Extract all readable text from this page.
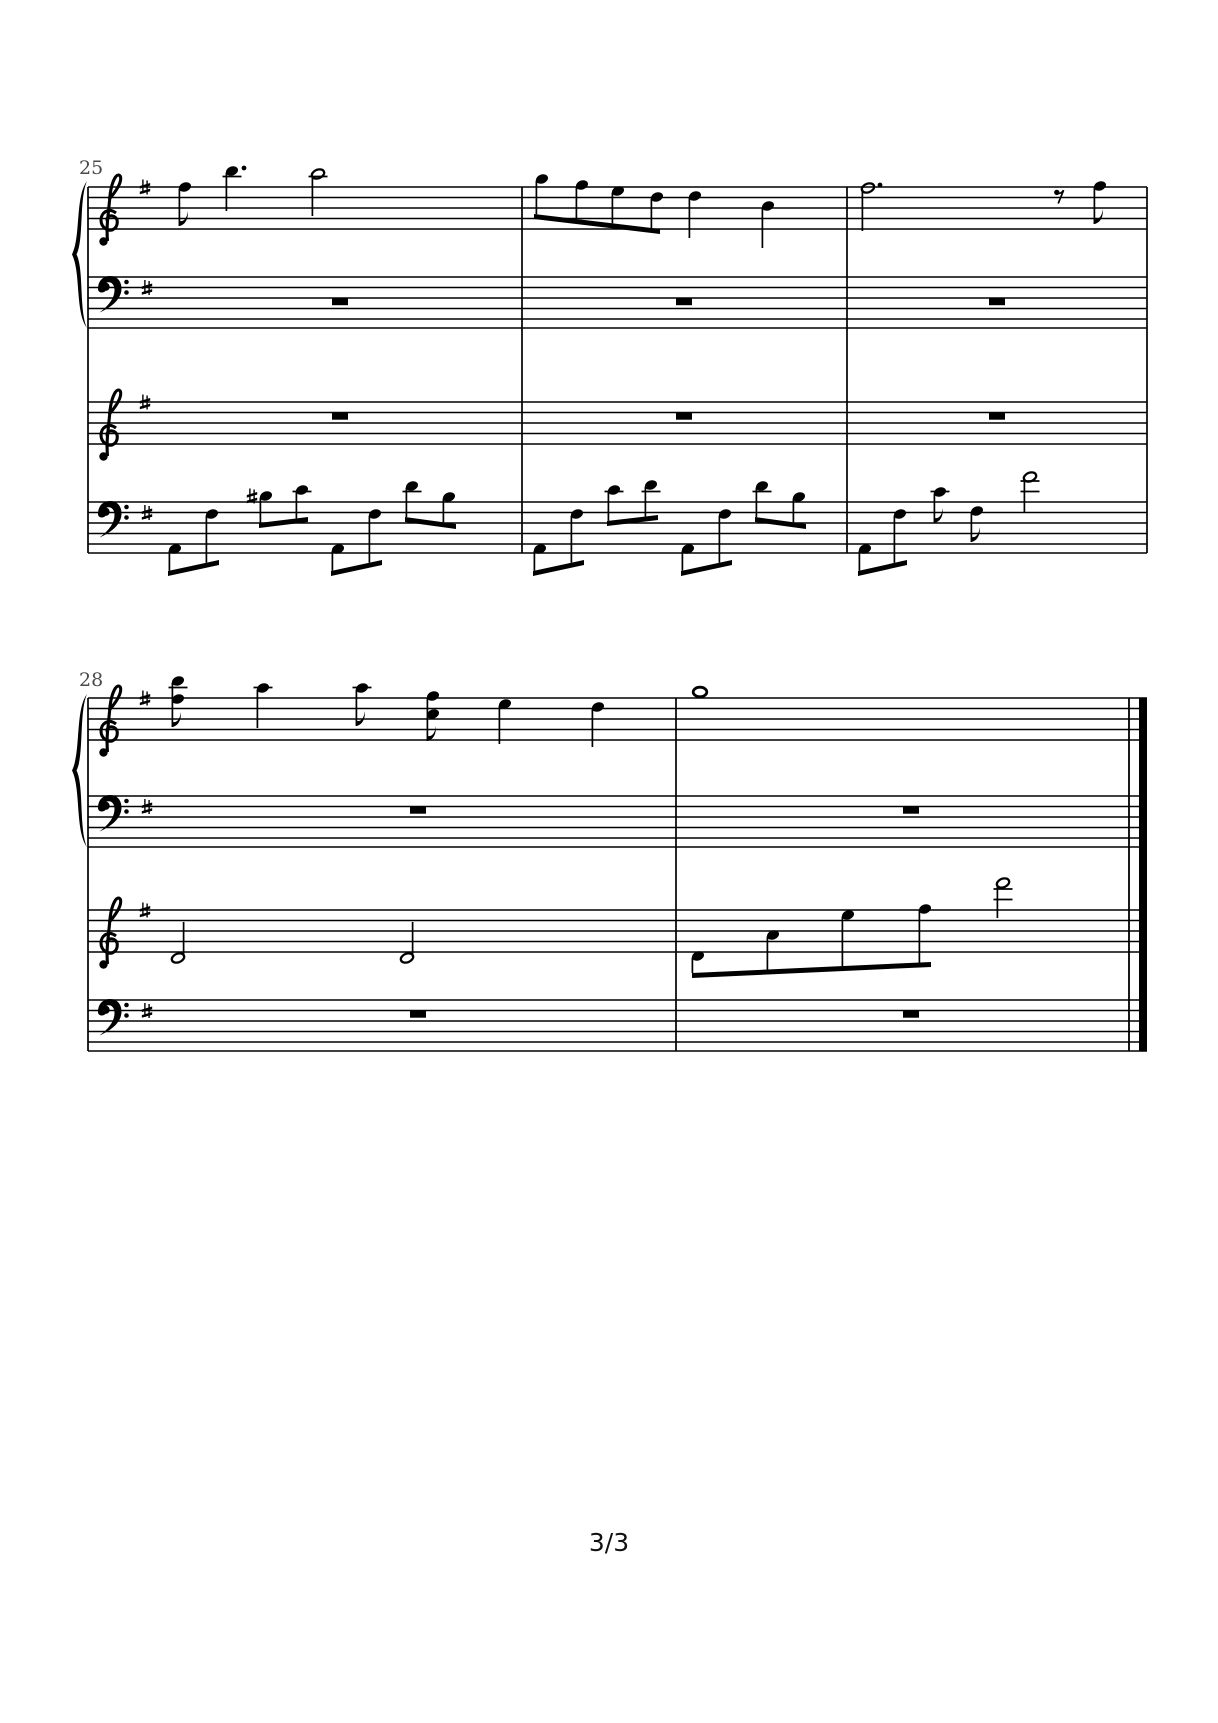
25
28
3/3
